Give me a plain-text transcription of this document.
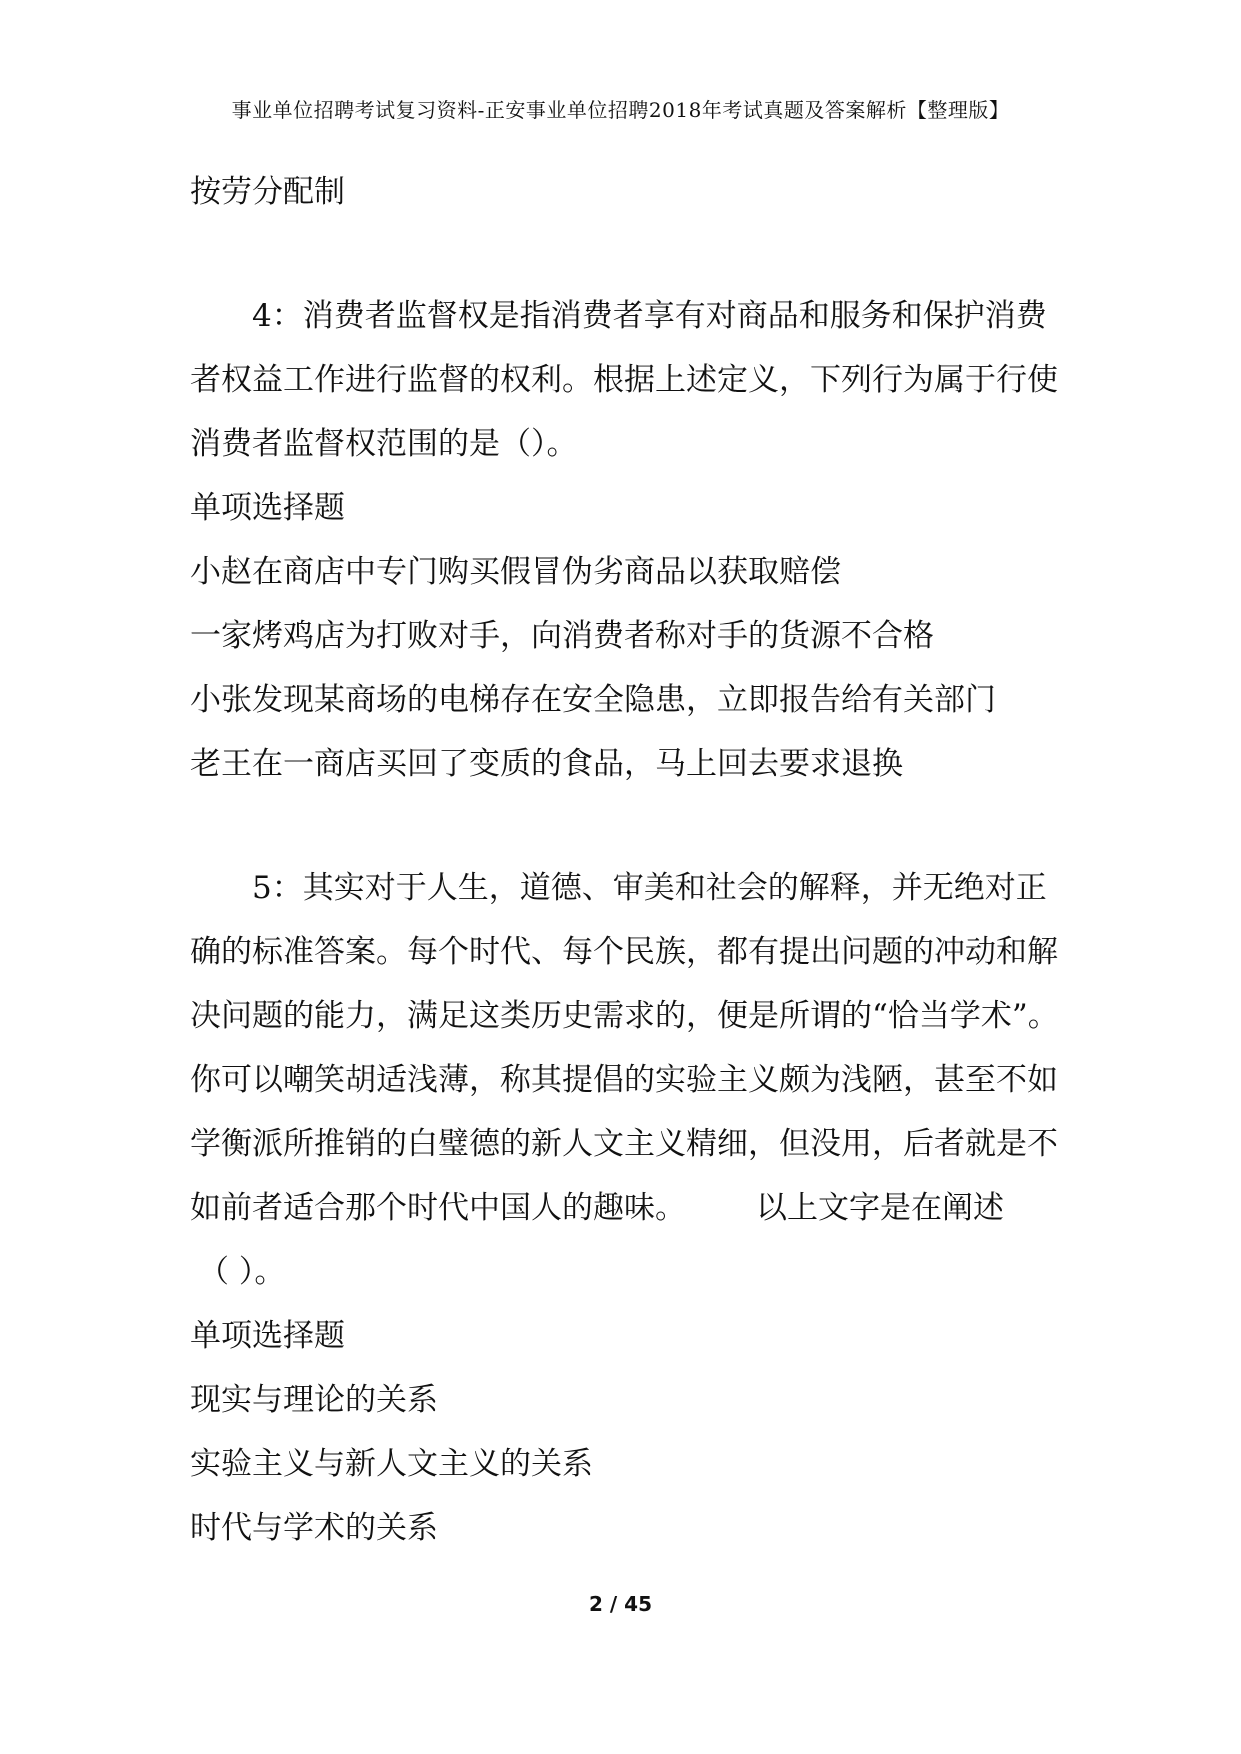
事业单位招聘考试复习资料-正安事业单位招聘2018年考试真题及答案解析【整理版】
按劳分配制
4：消费者监督权是指消费者享有对商品和服务和保护消费
者权益工作进行监督的权利。根据上述定义，下列行为属于行使
消费者监督权范围的是（）。
单项选择题
小赵在商店中专门购买假冒伪劣商品以获取赔偿
一家烤鸡店为打败对手，向消费者称对手的货源不合格
小张发现某商场的电梯存在安全隐患，立即报告给有关部门
老王在一商店买回了变质的食品，马上回去要求退换
5：其实对于人生，道德、审美和社会的解释，并无绝对正
确的标准答案。每个时代、每个民族，都有提出问题的冲动和解
决问题的能力，满足这类历史需求的，便是所谓的“恰当学术”。
你可以嘲笑胡适浅薄，称其提倡的实验主义颇为浅陋，甚至不如
学衡派所推销的白璧德的新人文主义精细，但没用，后者就是不
如前者适合那个时代中国人的趣味。 以上文字是在阐述
（ ）。
单项选择题
现实与理论的关系
实验主义与新人文主义的关系
时代与学术的关系
2 / 45
